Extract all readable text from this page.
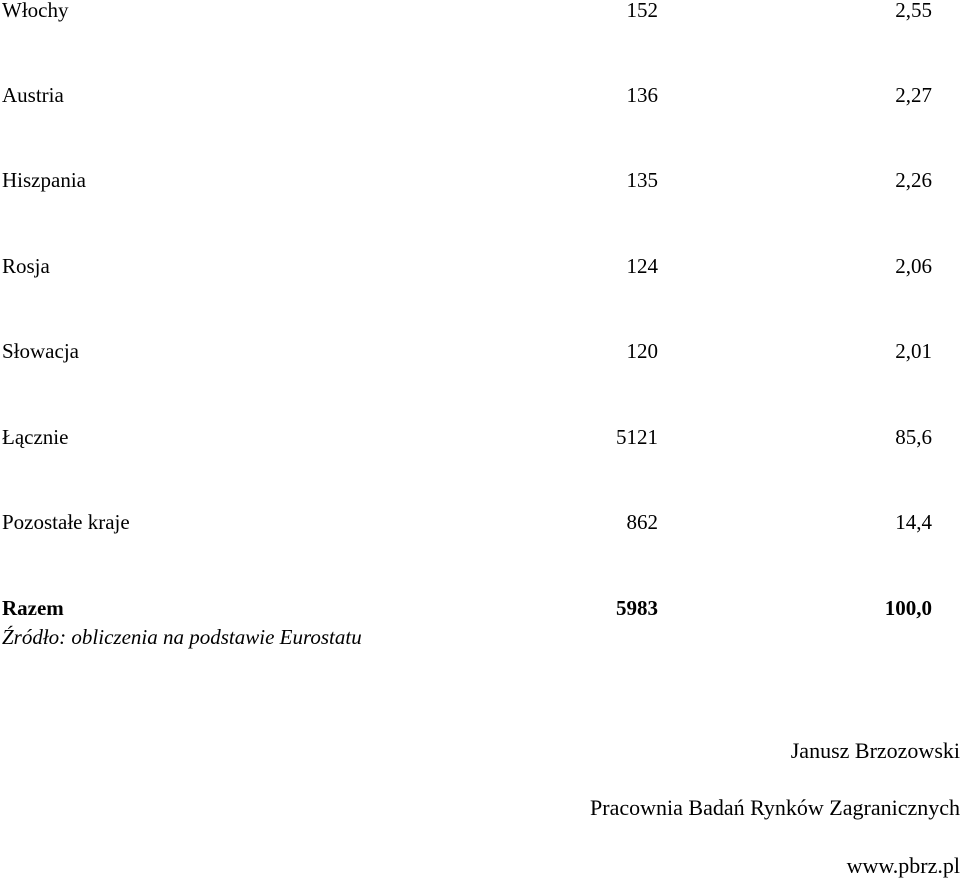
Włochy	152	2,55
Austria	136	2,27
Hiszpania	135	2,26
Rosja	124	2,06
Słowacja	120	2,01
Łącznie	5121	85,6
Pozostałe kraje	862	14,4
Razem	5983	100,0
Źródło: obliczenia na podstawie Eurostatu
Janusz Brzozowski
Pracownia Badań Rynków Zagranicznych
www.pbrz.pl
